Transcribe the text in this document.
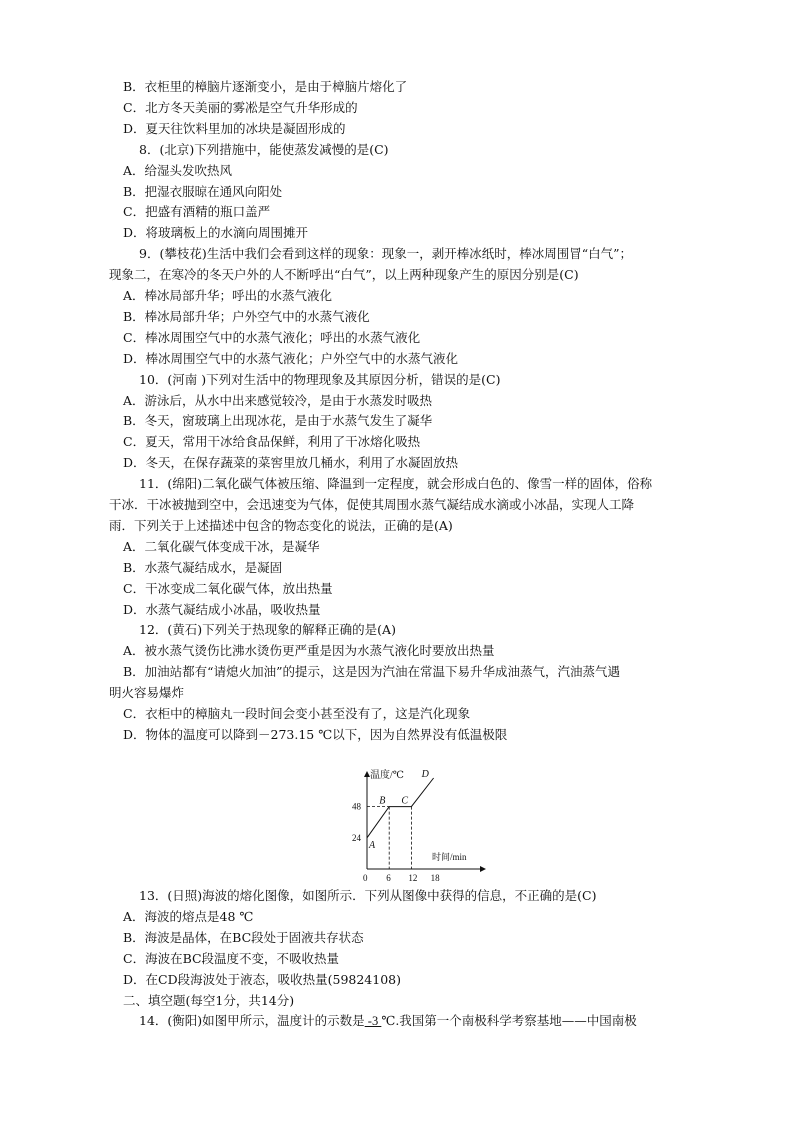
B．衣柜里的樟脑片逐渐变小，是由于樟脑片熔化了
C．北方冬天美丽的雾凇是空气升华形成的
D．夏天往饮料里加的冰块是凝固形成的
8．(北京)下列措施中，能使蒸发减慢的是(C)
A．给湿头发吹热风
B．把湿衣服晾在通风向阳处
C．把盛有酒精的瓶口盖严
D．将玻璃板上的水滴向周围摊开
9．(攀枝花)生活中我们会看到这样的现象：现象一，剥开棒冰纸时，棒冰周围冒“白气”；
现象二，在寒冷的冬天户外的人不断呼出“白气”，以上两种现象产生的原因分别是(C)
A．棒冰局部升华；呼出的水蒸气液化
B．棒冰局部升华；户外空气中的水蒸气液化
C．棒冰周围空气中的水蒸气液化；呼出的水蒸气液化
D．棒冰周围空气中的水蒸气液化；户外空气中的水蒸气液化
10．(河南 )下列对生活中的物理现象及其原因分析，错误的是(C)
A．游泳后，从水中出来感觉较冷，是由于水蒸发时吸热
B．冬天，窗玻璃上出现冰花，是由于水蒸气发生了凝华
C．夏天，常用干冰给食品保鲜，利用了干冰熔化吸热
D．冬天，在保存蔬菜的菜窖里放几桶水，利用了水凝固放热
11．(绵阳)二氧化碳气体被压缩、降温到一定程度，就会形成白色的、像雪一样的固体，俗称
干冰．干冰被抛到空中，会迅速变为气体，促使其周围水蒸气凝结成水滴或小冰晶，实现人工降
雨．下列关于上述描述中包含的物态变化的说法，正确的是(A)
A．二氧化碳气体变成干冰，是凝华
B．水蒸气凝结成水，是凝固
C．干冰变成二氧化碳气体，放出热量
D．水蒸气凝结成小冰晶，吸收热量
12．(黄石)下列关于热现象的解释正确的是(A)
A．被水蒸气烫伤比沸水烫伤更严重是因为水蒸气液化时要放出热量
B．加油站都有“请熄火加油”的提示，这是因为汽油在常温下易升华成油蒸气，汽油蒸气遇
明火容易爆炸
C．衣柜中的樟脑丸一段时间会变小甚至没有了，这是汽化现象
D．物体的温度可以降到－273.15 ℃以下，因为自然界没有低温极限
13．(日照)海波的熔化图像，如图所示．下列从图像中获得的信息，不正确的是(C)
A．海波的熔点是48 ℃
B．海波是晶体，在BC段处于固液共存状态
C．海波在BC段温度不变，不吸收热量
D．在CD段海波处于液态，吸收热量(59824108)
二、填空题(每空1分，共14分)
14．(衡阳)如图甲所示，温度计的示数是 -3 ℃.我国第一个南极科学考察基地——中国南极
温度/℃
时间/min
0 6 12 18
24
48
A
B C
D
